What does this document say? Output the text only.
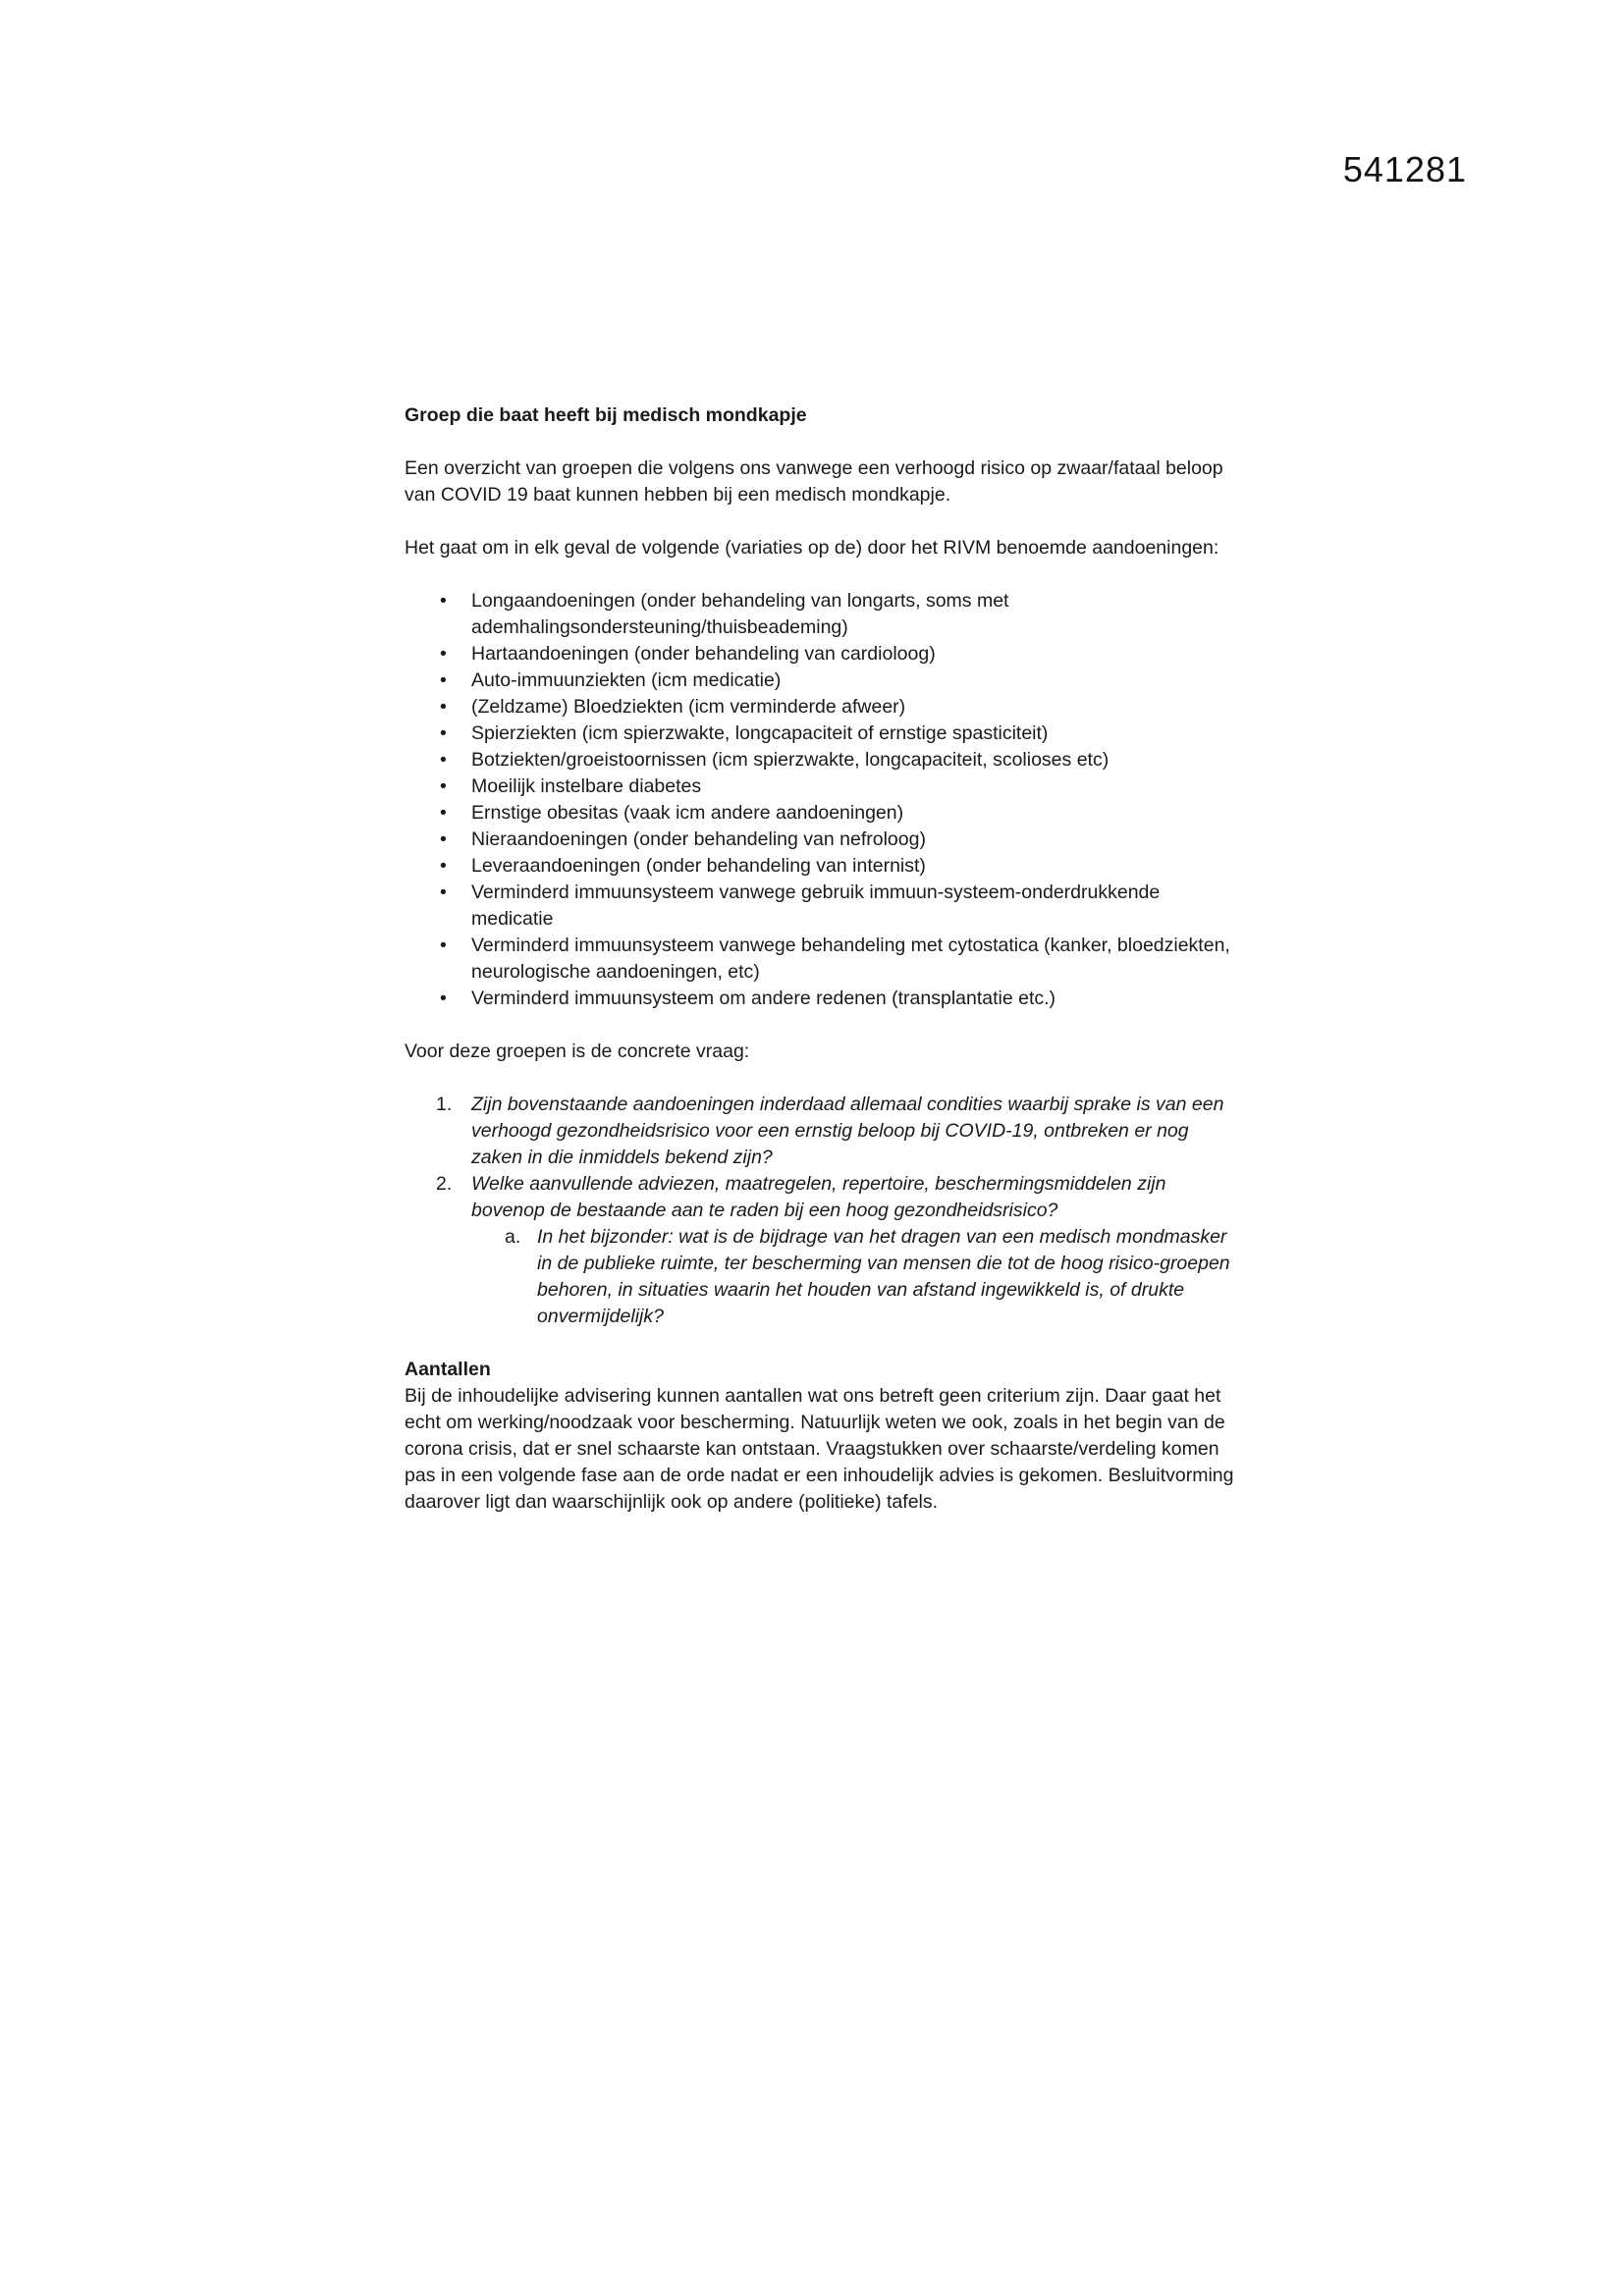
541281
Groep die baat heeft bij medisch mondkapje

Een overzicht van groepen die volgens ons vanwege een verhoogd risico op zwaar/fataal beloop van COVID 19 baat kunnen hebben bij een medisch mondkapje.

Het gaat om in elk geval de volgende (variaties op de) door het RIVM benoemde aandoeningen:

• Longaandoeningen (onder behandeling van longarts, soms met ademhalingsondersteuning/thuisbeademing)
• Hartaandoeningen (onder behandeling van cardioloog)
• Auto-immuunziekten (icm medicatie)
• (Zeldzame) Bloedziekten (icm verminderde afweer)
• Spierziekten (icm spierzwakte, longcapaciteit of ernstige spasticiteit)
• Botziekten/groeistoornissen (icm spierzwakte, longcapaciteit, scolioses etc)
• Moeilijk instelbare diabetes
• Ernstige obesitas (vaak icm andere aandoeningen)
• Nieraandoeningen (onder behandeling van nefroloog)
• Leveraandoeningen (onder behandeling van internist)
• Verminderd immuunsysteem vanwege gebruik immuun-systeem-onderdrukkende medicatie
• Verminderd immuunsysteem vanwege behandeling met cytostatica (kanker, bloedziekten, neurologische aandoeningen, etc)
• Verminderd immuunsysteem om andere redenen (transplantatie etc.)

Voor deze groepen is de concrete vraag:

1. Zijn bovenstaande aandoeningen inderdaad allemaal condities waarbij sprake is van een verhoogd gezondheidsrisico voor een ernstig beloop bij COVID-19, ontbreken er nog zaken in die inmiddels bekend zijn?
2. Welke aanvullende adviezen, maatregelen, repertoire, beschermingsmiddelen zijn bovenop de bestaande aan te raden bij een hoog gezondheidsrisico?
a. In het bijzonder: wat is de bijdrage van het dragen van een medisch mondmasker in de publieke ruimte, ter bescherming van mensen die tot de hoog risico-groepen behoren, in situaties waarin het houden van afstand ingewikkeld is, of drukte onvermijdelijk?
Aantallen

Bij de inhoudelijke advisering kunnen aantallen wat ons betreft geen criterium zijn. Daar gaat het echt om werking/noodzaak voor bescherming. Natuurlijk weten we ook, zoals in het begin van de corona crisis, dat er snel schaarste kan ontstaan. Vraagstukken over schaarste/verdeling komen pas in een volgende fase aan de orde nadat er een inhoudelijk advies is gekomen. Besluitvorming daarover ligt dan waarschijnlijk ook op andere (politieke) tafels.
